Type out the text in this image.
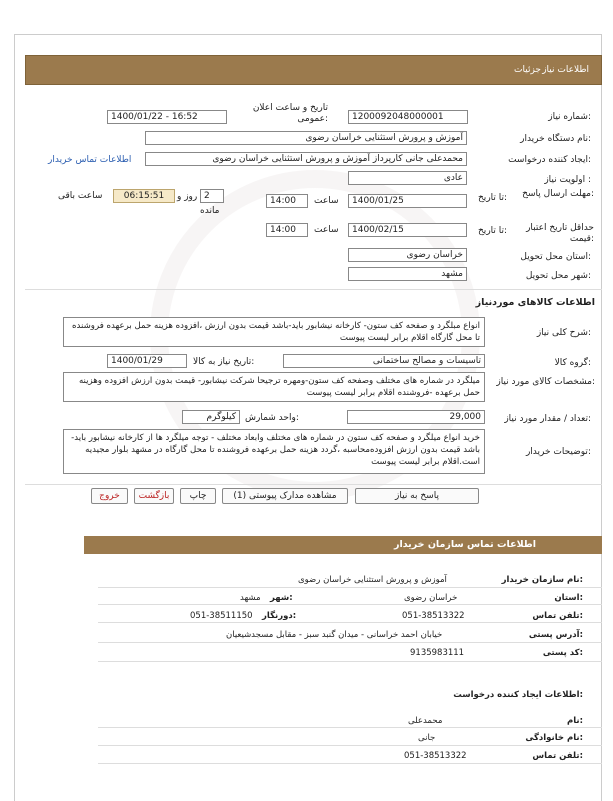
اطلاعات نیاز
جزئیات
شماره نیاز:
1200092048000001
تاریخ و ساعت اعلان عمومی:
1400/01/22 - 16:52
نام دستگاه خریدار:
آموزش و پرورش استثنایی خراسان رضوی
ایجاد کننده درخواست:
محمدعلی جانی کارپرداز آموزش و پرورش استثنایی خراسان رضوی
اطلاعات تماس خریدار
اولویت نیاز :
عادی
مهلت ارسال پاسخ:
تا تاریخ:
1400/01/25
ساعت
14:00
2
روز و
مانده
06:15:51
ساعت باقی
حداقل تاریخ اعتبار قیمت:
تا تاریخ:
1400/02/15
ساعت
14:00
استان محل تحویل:
خراسان رضوی
شهر محل تحویل:
مشهد
اطلاعات کالاهای موردنیاز
شرح کلی نیاز:
انواع مبلگرد و صفحه کف ستون- کارخانه نیشابور باید-باشد قیمت بدون ارزش ،افزوده هزینه حمل برعهده فروشنده تا محل گارگاه اقلام برابر لیست پیوست
گروه کالا:
تاسیسات و مصالح ساختمانی
تاریخ نیاز به کالا:
1400/01/29
مشخصات کالای مورد نیاز:
میلگرد در شماره های مختلف وصفحه کف ستون-ومهره ترجیحا شرکت نیشابور- قیمت بدون ارزش افزوده وهزینه حمل برعهده -فروشنده اقلام برابر لیست پیوست
تعداد / مقدار مورد نیاز:
29,000
واحد شمارش:
کیلوگرم
توضیحات خریدار:
خرید انواع میلگرد و صفحه کف ستون در شماره های مختلف وابعاد مختلف - توجه میلگرد ها از کارخانه نیشابور باید-باشد قیمت بدون ارزش افزوده‌محاسبه ،گردد هزینه حمل برعهده فروشنده تا محل گارگاه در مشهد بلوار مجیدیه است.اقلام برابر لیست پیوست
پاسخ به نیاز
مشاهده مدارک پیوستی (1)
چاپ
بازگشت
خروج
اطلاعات تماس سازمان خریدار
نام سازمان خریدار:
آموزش و پرورش استثنایی خراسان رضوی
استان:
خراسان رضوی
شهر:
مشهد
تلفن تماس:
051-38513322
دورنگار:
051-38511150
آدرس پستی:
خیابان احمد خراسانی - میدان گنبد سبز - مقابل مسجدشیعیان
کد پستی:
9135983111
اطلاعات ایجاد کننده درخواست:
نام:
محمدعلی
نام خانوادگی:
جانی
تلفن تماس:
051-38513322
